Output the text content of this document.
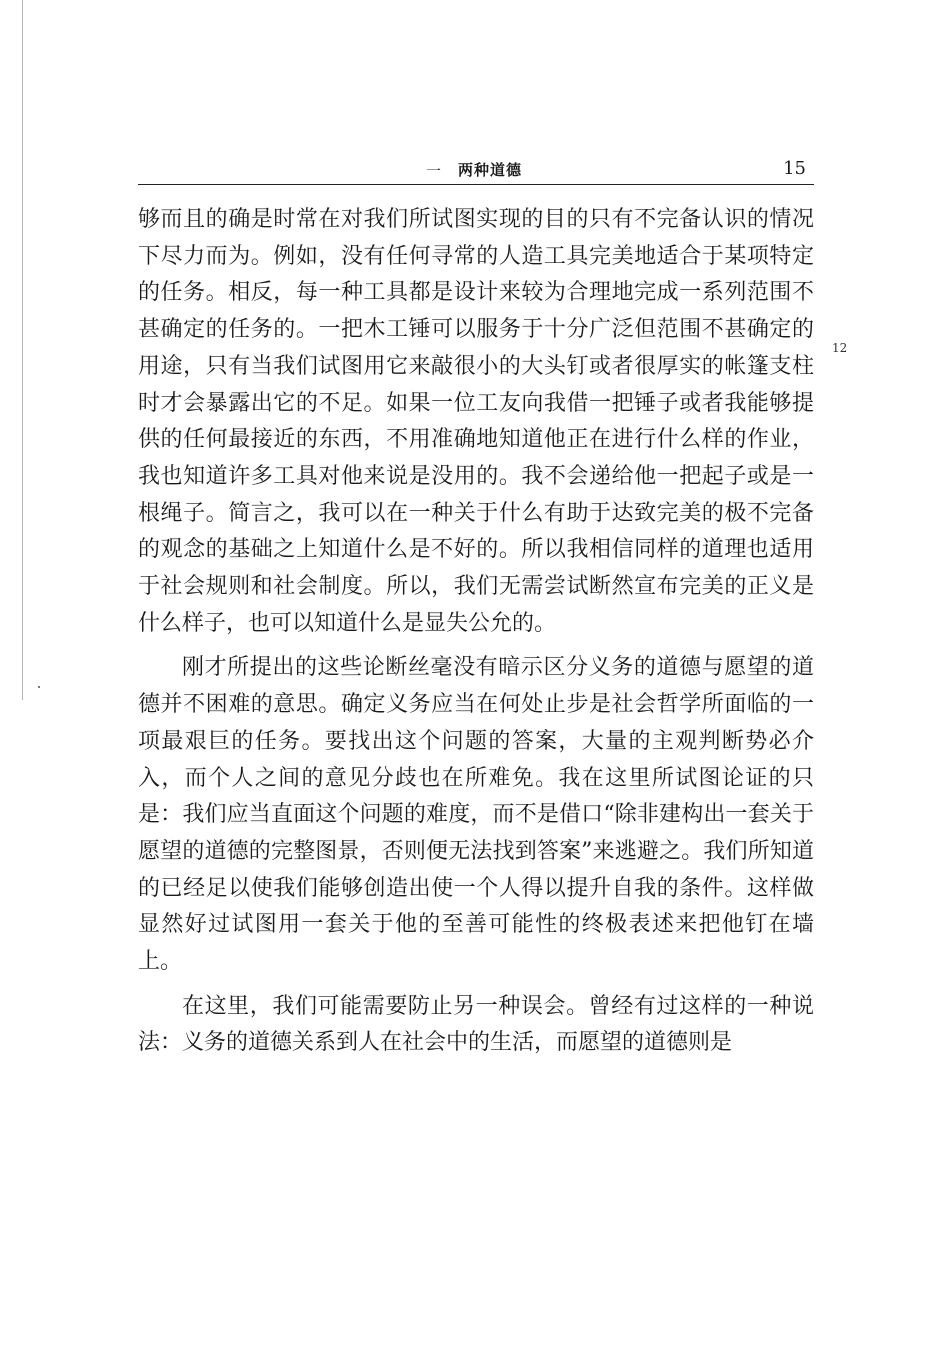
一 两种道德	15
12

够而且的确是时常在对我们所试图实现的目的只有不完备认识的情况下尽力而为。例如，没有任何寻常的人造工具完美地适合于某项特定的任务。相反，每一种工具都是设计来较为合理地完成一系列范围不甚确定的任务的。一把木工锤可以服务于十分广泛但范围不甚确定的用途，只有当我们试图用它来敲很小的大头钉或者很厚实的帐篷支柱时才会暴露出它的不足。如果一位工友向我借一把锤子或者我能够提供的任何最接近的东西，不用准确地知道他正在进行什么样的作业，我也知道许多工具对他来说是没用的。我不会递给他一把起子或是一根绳子。简言之，我可以在一种关于什么有助于达致完美的极不完备的观念的基础之上知道什么是不好的。所以我相信同样的道理也适用于社会规则和社会制度。所以，我们无需尝试断然宣布完美的正义是什么样子，也可以知道什么是显失公允的。

刚才所提出的这些论断丝毫没有暗示区分义务的道德与愿望的道德并不困难的意思。确定义务应当在何处止步是社会哲学所面临的一项最艰巨的任务。要找出这个问题的答案，大量的主观判断势必介入，而个人之间的意见分歧也在所难免。我在这里所试图论证的只是：我们应当直面这个问题的难度，而不是借口“除非建构出一套关于愿望的道德的完整图景，否则便无法找到答案”来逃避之。我们所知道的已经足以使我们能够创造出使一个人得以提升自我的条件。这样做显然好过试图用一套关于他的至善可能性的终极表述来把他钉在墙上。

在这里，我们可能需要防止另一种误会。曾经有过这样的一种说法：义务的道德关系到人在社会中的生活，而愿望的道德则是
